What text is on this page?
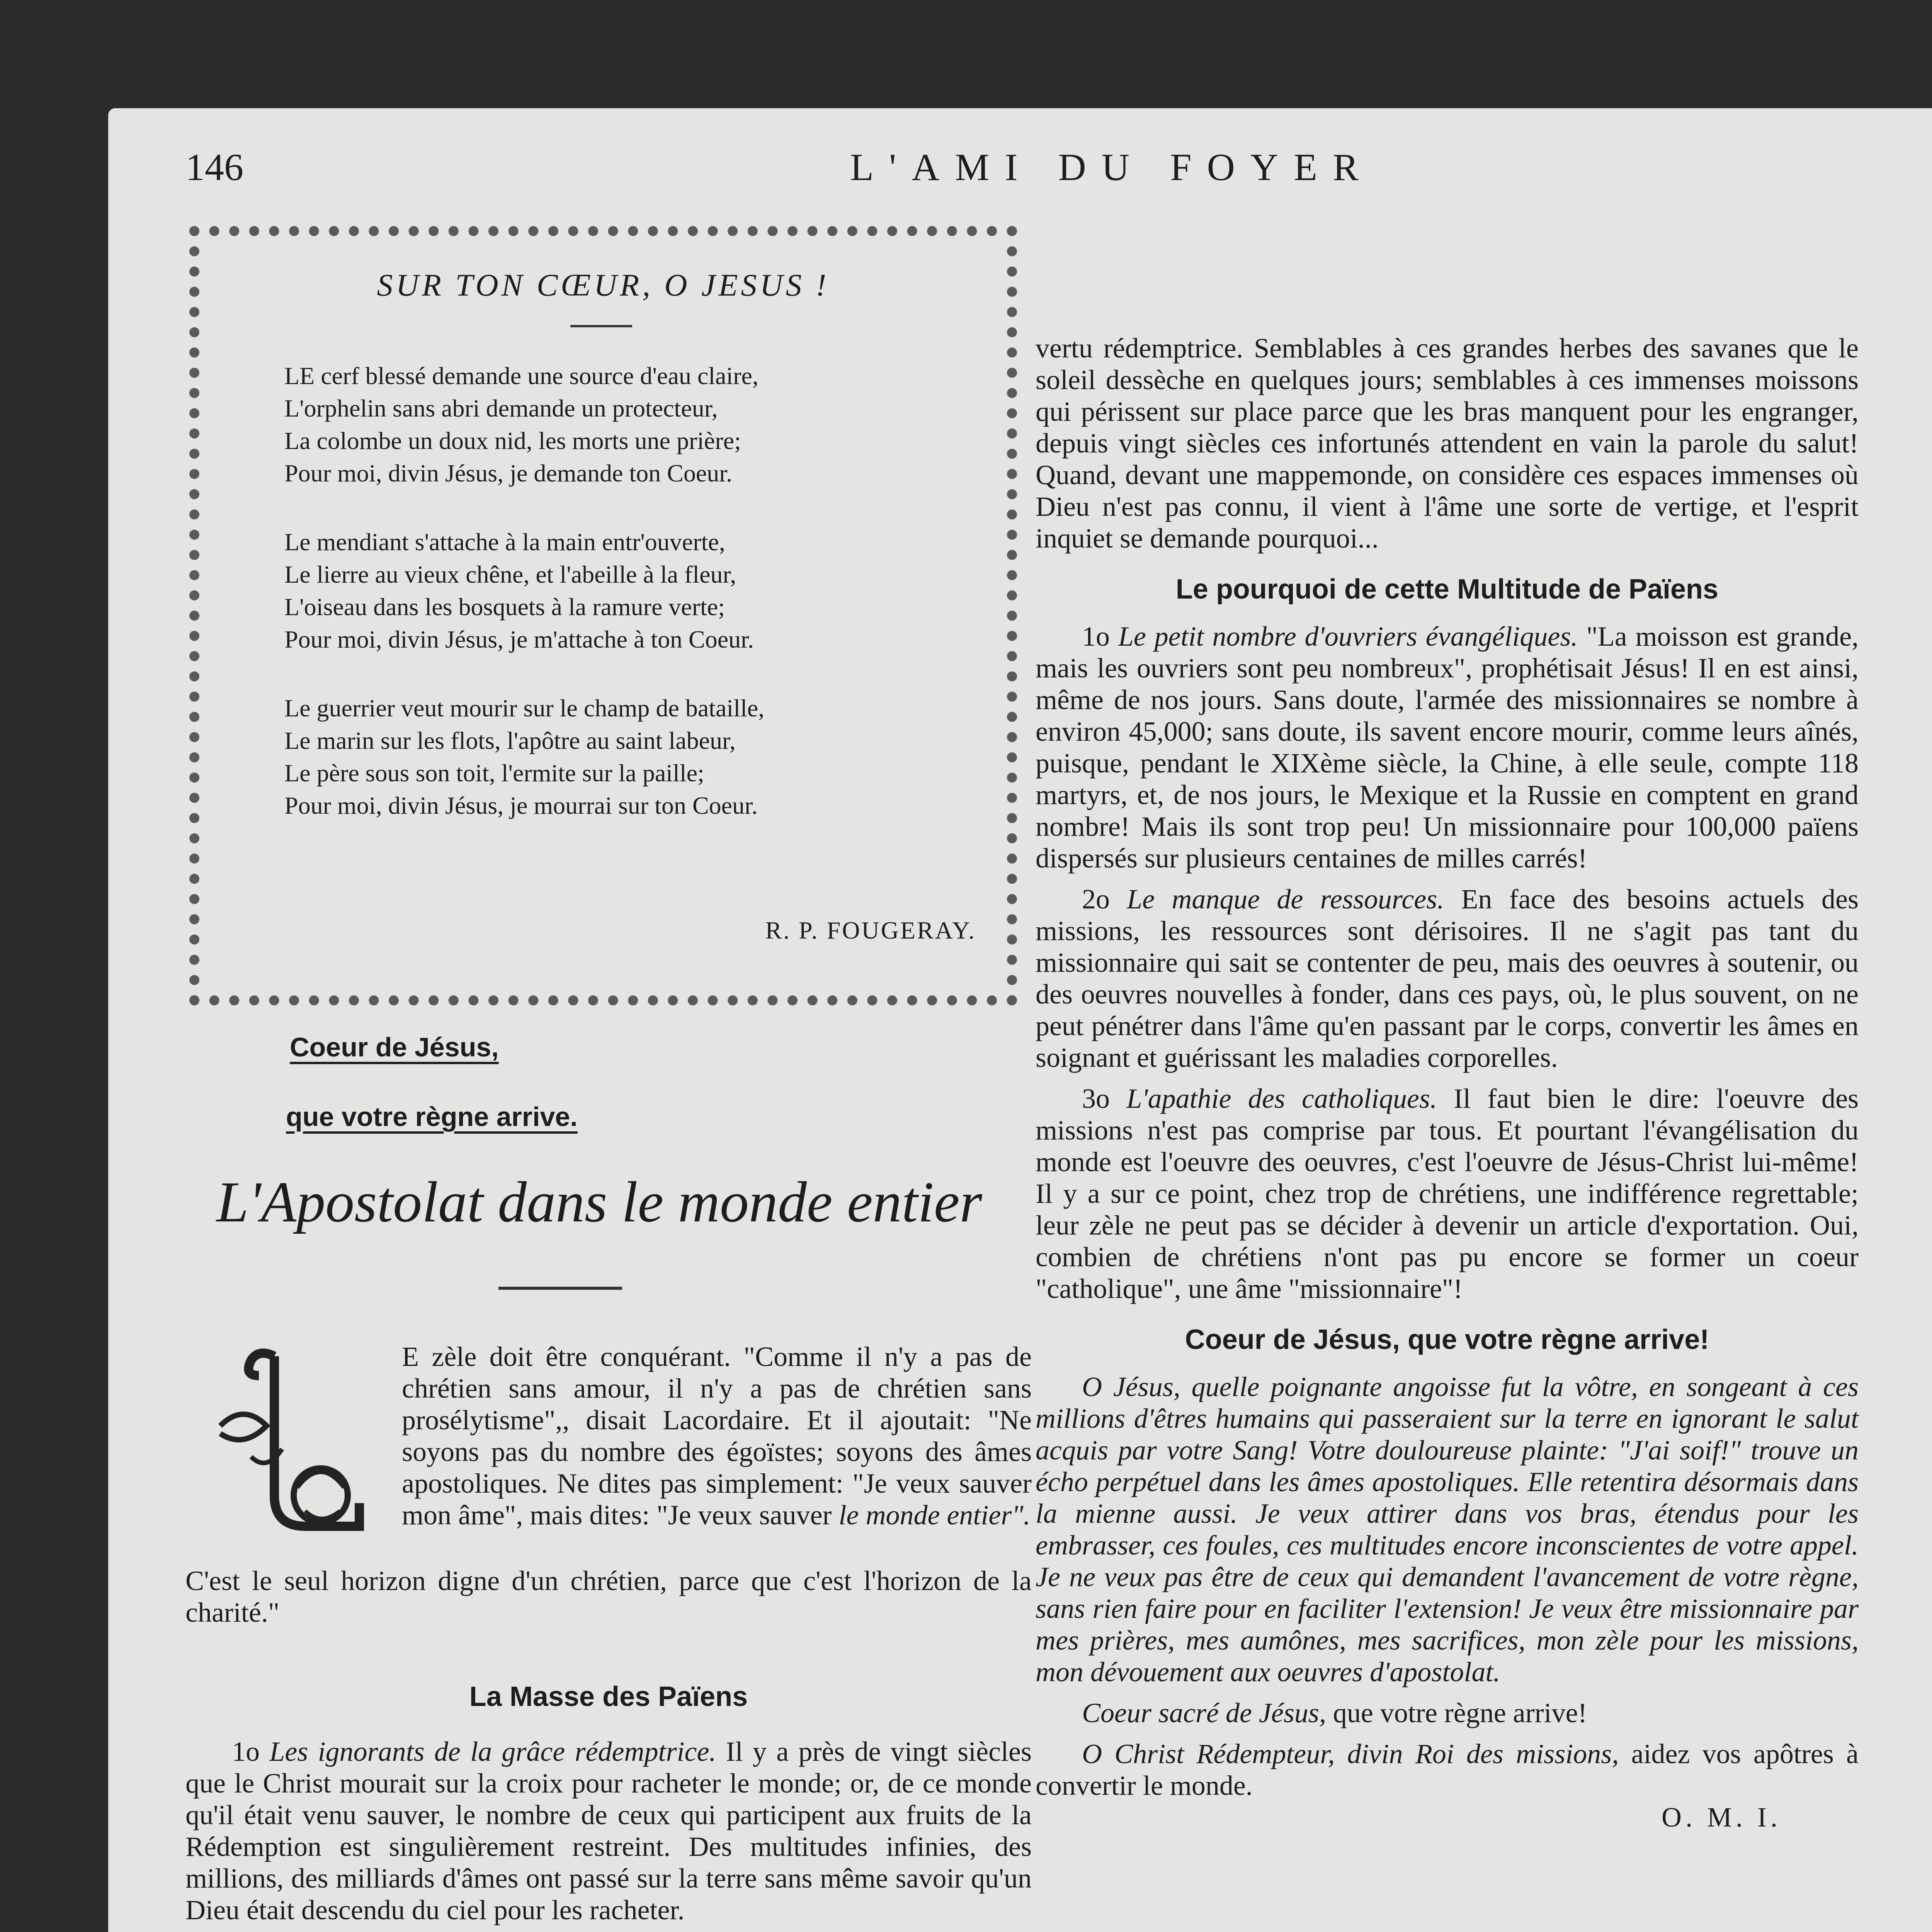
146	L'AMI DU FOYER
SUR TON CŒUR, O JESUS !
LE cerf blessé demande une source d'eau claire,
L'orphelin sans abri demande un protecteur,
La colombe un doux nid, les morts une prière;
Pour moi, divin Jésus, je demande ton Coeur.
Le mendiant s'attache à la main entr'ouverte,
Le lierre au vieux chêne, et l'abeille à la fleur,
L'oiseau dans les bosquets à la ramure verte;
Pour moi, divin Jésus, je m'attache à ton Coeur.
Le guerrier veut mourir sur le champ de bataille,
Le marin sur les flots, l'apôtre au saint labeur,
Le père sous son toit, l'ermite sur la paille;
Pour moi, divin Jésus, je mourrai sur ton Coeur.
R. P. FOUGERAY.
Coeur de Jésus,
que votre règne arrive.
L'Apostolat dans le monde entier
E zèle doit être conquérant. "Comme il n'y a pas de chrétien sans amour, il n'y a pas de chrétien sans prosélytisme",, disait Lacordaire. Et il ajoutait: "Ne soyons pas du nombre des égoïstes; soyons des âmes apostoliques. Ne dites pas simplement: "Je veux sauver mon âme", mais dites: "Je veux sauver le monde entier".
C'est le seul horizon digne d'un chrétien, parce que c'est l'horizon de la charité."
La Masse des Païens

1o Les ignorants de la grâce rédemptrice. Il y a près de vingt siècles que le Christ mourait sur la croix pour racheter le monde; or, de ce monde qu'il était venu sauver, le nombre de ceux qui participent aux fruits de la Rédemption est singulièrement restreint. Des multitudes infinies, des millions, des milliards d'âmes ont passé sur la terre sans même savoir qu'un Dieu était descendu du ciel pour les racheter.

vertu rédemptrice. Semblables à ces grandes herbes des savanes que le soleil dessèche en quelques jours; semblables à ces immenses moissons qui périssent sur place parce que les bras manquent pour les engranger, depuis vingt siècles ces infortunés attendent en vain la parole du salut! Quand, devant une mappemonde, on considère ces espaces immenses où Dieu n'est pas connu, il vient à l'âme une sorte de vertige, et l'esprit inquiet se demande pourquoi...

Le pourquoi de cette Multitude de Païens

1o Le petit nombre d'ouvriers évangéliques. "La moisson est grande, mais les ouvriers sont peu nombreux", prophétisait Jésus! Il en est ainsi, même de nos jours. Sans doute, l'armée des missionnaires se nombre à environ 45,000; sans doute, ils savent encore mourir, comme leurs aînés, puisque, pendant le XIXème siècle, la Chine, à elle seule, compte 118 martyrs, et, de nos jours, le Mexique et la Russie en comptent en grand nombre! Mais ils sont trop peu! Un missionnaire pour 100,000 païens dispersés sur plusieurs centaines de milles carrés!

2o Le manque de ressources. En face des besoins actuels des missions, les ressources sont dérisoires. Il ne s'agit pas tant du missionnaire qui sait se contenter de peu, mais des oeuvres à soutenir, ou des oeuvres nouvelles à fonder, dans ces pays, où, le plus souvent, on ne peut pénétrer dans l'âme qu'en passant par le corps, convertir les âmes en soignant et guérissant les maladies corporelles.

3o L'apathie des catholiques. Il faut bien le dire: l'oeuvre des missions n'est pas comprise par tous. Et pourtant l'évangélisation du monde est l'oeuvre des oeuvres, c'est l'oeuvre de Jésus-Christ lui-même! Il y a sur ce point, chez trop de chrétiens, une indifférence regrettable; leur zèle ne peut pas se décider à devenir un article d'exportation. Oui, combien de chrétiens n'ont pas pu encore se former un coeur "catholique", une âme "missionnaire"!

Coeur de Jésus, que votre règne arrive!

O Jésus, quelle poignante angoisse fut la vôtre, en songeant à ces millions d'êtres humains qui passeraient sur la terre en ignorant le salut acquis par votre Sang! Votre douloureuse plainte: "J'ai soif!" trouve un écho perpétuel dans les âmes apostoliques. Elle retentira désormais dans la mienne aussi. Je veux attirer dans vos bras, étendus pour les embrasser, ces foules, ces multitudes encore inconscientes de votre appel. Je ne veux pas être de ceux qui demandent l'avancement de votre règne, sans rien faire pour en faciliter l'extension! Je veux être missionnaire par mes prières, mes aumônes, mes sacrifices, mon zèle pour les missions, mon dévouement aux oeuvres d'apostolat.

Coeur sacré de Jésus, que votre règne arrive!

O Christ Rédempteur, divin Roi des missions, aidez vos apôtres à convertir le monde.

O. M. I.
